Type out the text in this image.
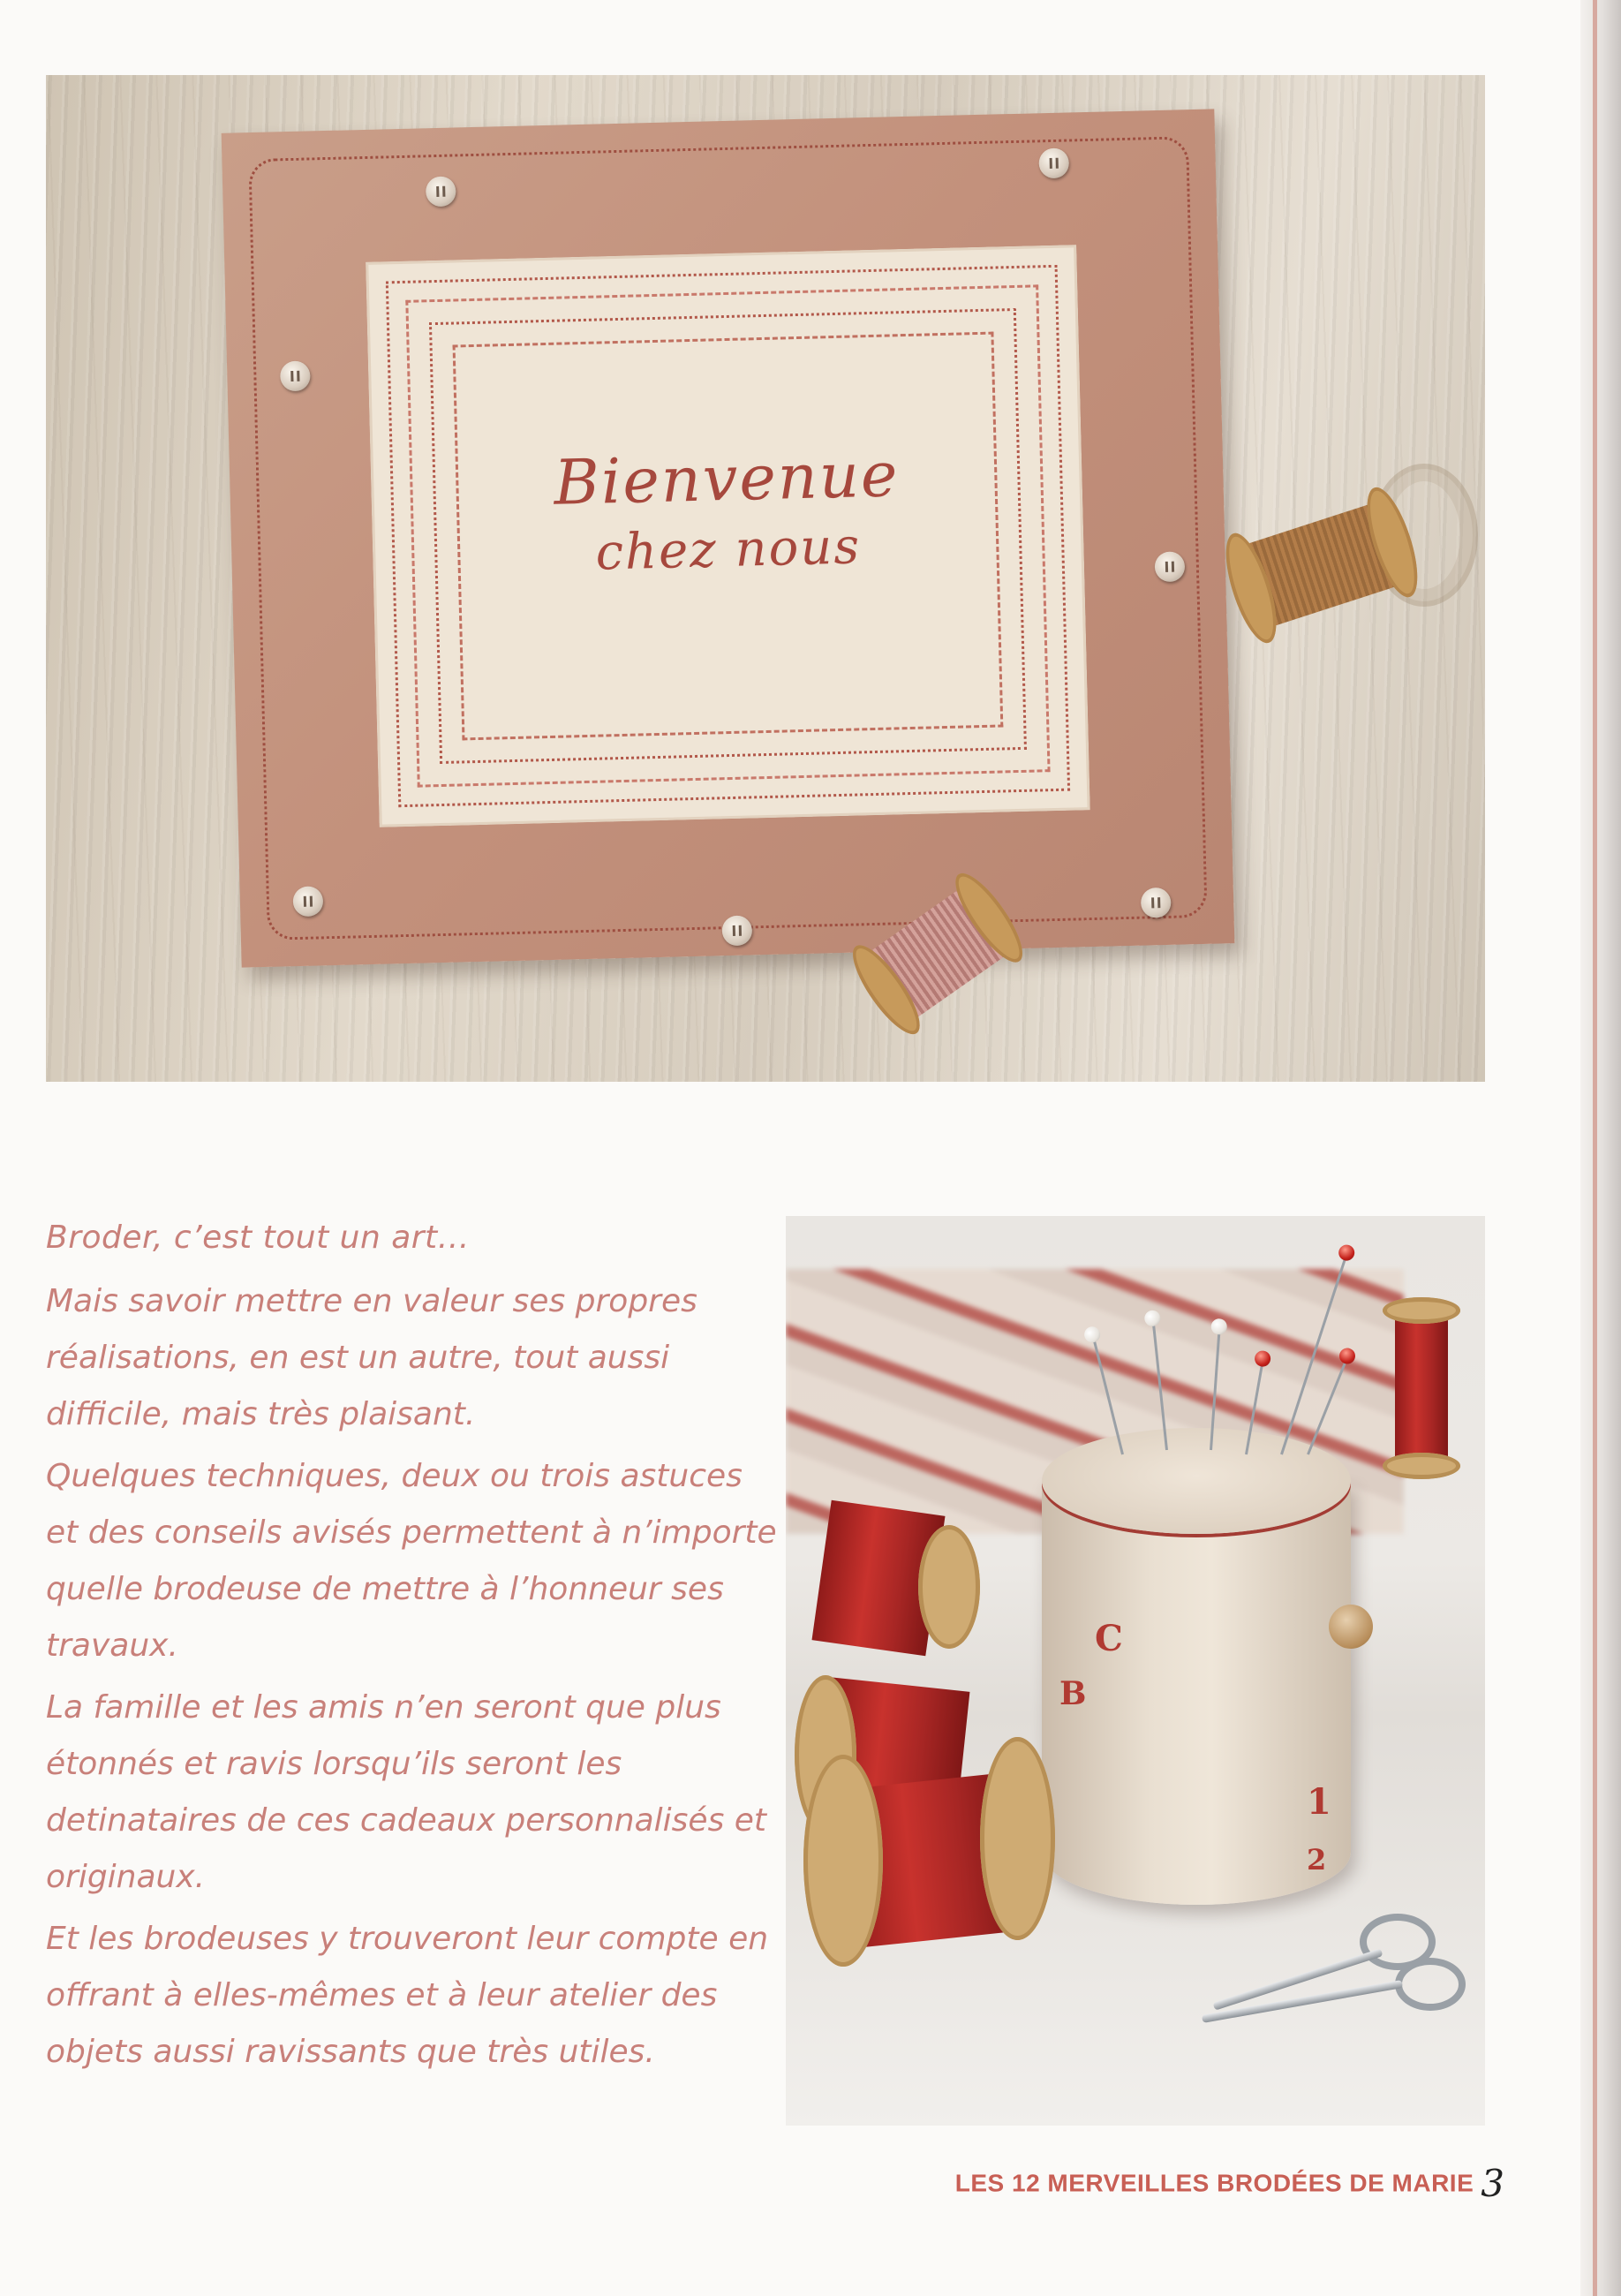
Bienvenue
chez nous

Broder, c’est tout un art…

Mais savoir mettre en valeur ses propres réalisations, en est un autre, tout aussi difficile, mais très plaisant.

Quelques techniques, deux ou trois astuces et des conseils avisés permettent à n’importe quelle brodeuse de mettre à l’honneur ses travaux.

La famille et les amis n’en seront que plus étonnés et ravis lorsqu’ils seront les detinataires de ces cadeaux personnalisés et originaux.

Et les brodeuses y trouveront leur compte en offrant à elles-mêmes et à leur atelier des objets aussi ravissants que très utiles.

C
B
1
2
LES 12 MERVEILLES BRODÉES DE MARIE 3
